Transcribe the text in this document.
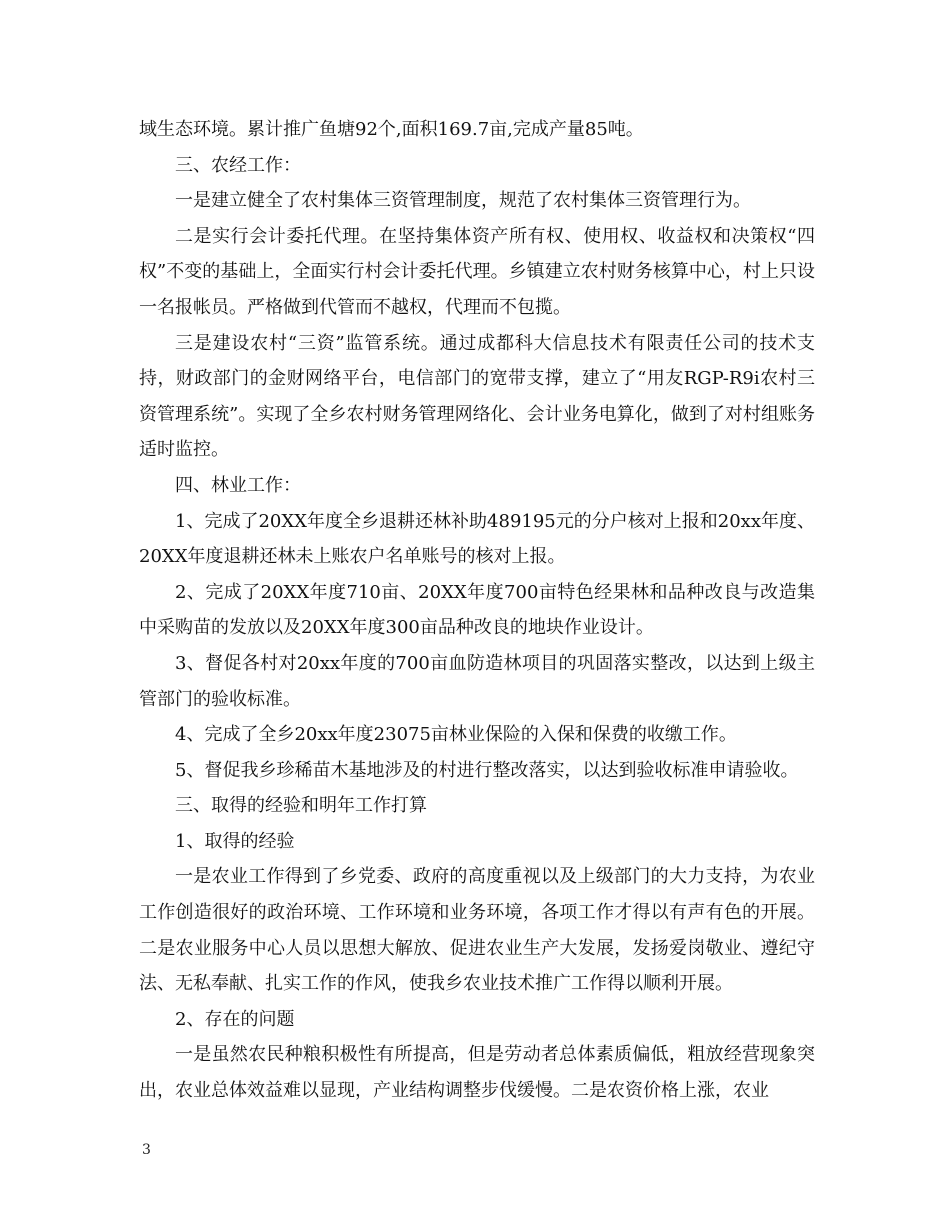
域生态环境。累计推广鱼塘92个,面积169.7亩,完成产量85吨。

三、农经工作：

一是建立健全了农村集体三资管理制度，规范了农村集体三资管理行为。

二是实行会计委托代理。在坚持集体资产所有权、使用权、收益权和决策权“四权”不变的基础上，全面实行村会计委托代理。乡镇建立农村财务核算中心，村上只设一名报帐员。严格做到代管而不越权，代理而不包揽。

三是建设农村“三资”监管系统。通过成都科大信息技术有限责任公司的技术支持，财政部门的金财网络平台，电信部门的宽带支撑，建立了“用友RGP-R9i农村三资管理系统”。实现了全乡农村财务管理网络化、会计业务电算化，做到了对村组账务适时监控。

四、林业工作：

1、完成了20XX年度全乡退耕还林补助489195元的分户核对上报和20xx年度、20XX年度退耕还林未上账农户名单账号的核对上报。

2、完成了20XX年度710亩、20XX年度700亩特色经果林和品种改良与改造集中采购苗的发放以及20XX年度300亩品种改良的地块作业设计。

3、督促各村对20xx年度的700亩血防造林项目的巩固落实整改，以达到上级主管部门的验收标准。

4、完成了全乡20xx年度23075亩林业保险的入保和保费的收缴工作。

5、督促我乡珍稀苗木基地涉及的村进行整改落实，以达到验收标准申请验收。

三、取得的经验和明年工作打算

1、取得的经验

一是农业工作得到了乡党委、政府的高度重视以及上级部门的大力支持，为农业工作创造很好的政治环境、工作环境和业务环境，各项工作才得以有声有色的开展。二是农业服务中心人员以思想大解放、促进农业生产大发展，发扬爱岗敬业、遵纪守法、无私奉献、扎实工作的作风，使我乡农业技术推广工作得以顺利开展。

2、存在的问题

一是虽然农民种粮积极性有所提高，但是劳动者总体素质偏低，粗放经营现象突出，农业总体效益难以显现，产业结构调整步伐缓慢。二是农资价格上涨，农业

3
